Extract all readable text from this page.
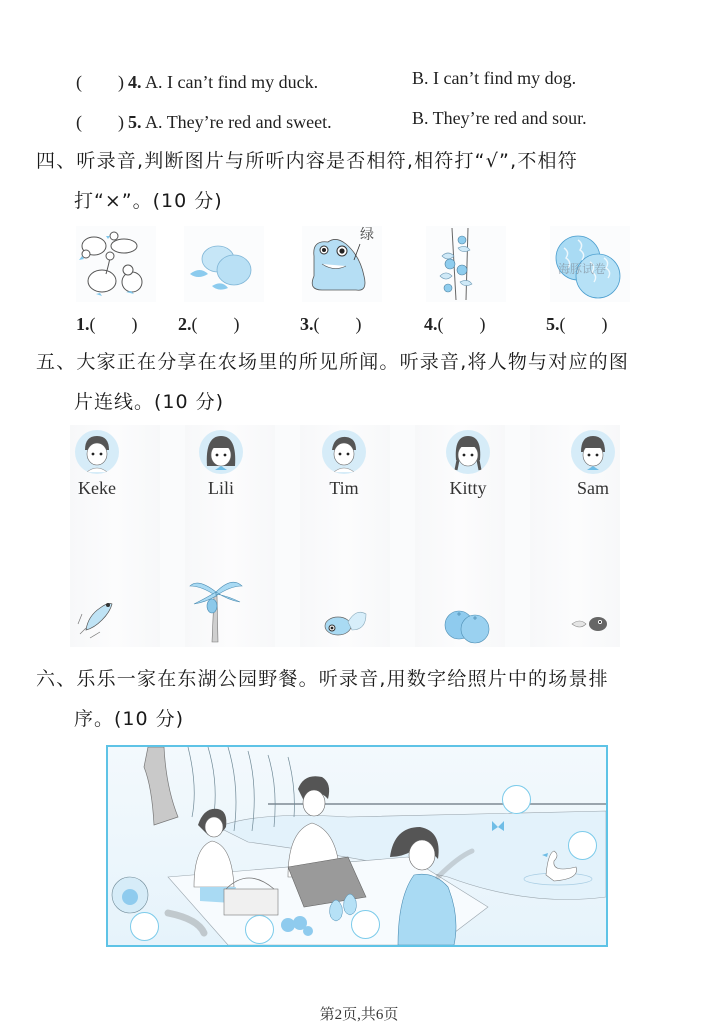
(　　) 4. A. I can’t find my duck.	B. I can’t find my dog.
(　　) 5. A. They’re red and sweet.	B. They’re red and sour.
四、听录音,判断图片与所听内容是否相符,相符打“√”,不相符
打“×”。(10 分)
绿
海豚试卷
1.(　　) 2.(　　)	3.(　　)	4.(　　)	5.(　　)
五、大家正在分享在农场里的所见所闻。听录音,将人物与对应的图
片连线。(10 分)
Keke	Lili	Tim	Kitty	Sam
六、乐乐一家在东湖公园野餐。听录音,用数字给照片中的场景排
序。(10 分)
第2页,共6页
